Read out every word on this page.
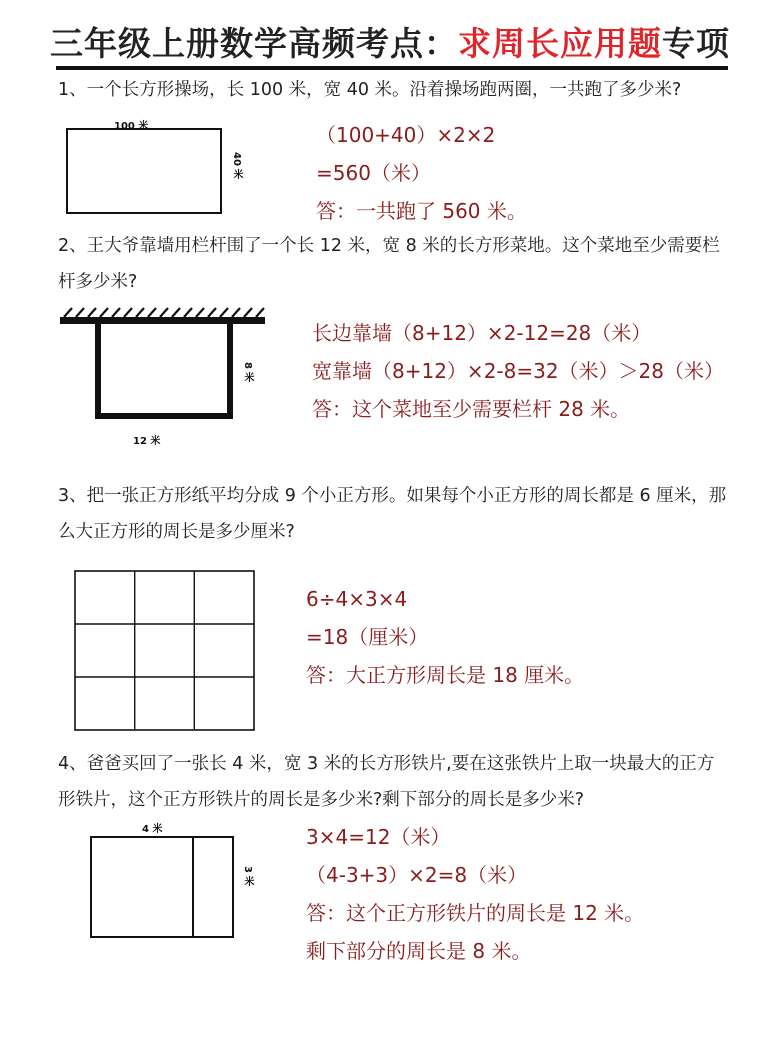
三年级上册数学高频考点：求周长应用题专项
1、一个长方形操场，长 100 米，宽 40 米。沿着操场跑两圈，一共跑了多少米?
100 米
40 米
（100+40）×2×2
=560（米）
答：一共跑了 560 米。
2、王大爷靠墙用栏杆围了一个长 12 米，宽 8 米的长方形菜地。这个菜地至少需要栏杆多少米?
8 米
12 米
长边靠墙（8+12）×2-12=28（米）
宽靠墙（8+12）×2-8=32（米）＞28（米）
答：这个菜地至少需要栏杆 28 米。
3、把一张正方形纸平均分成 9 个小正方形。如果每个小正方形的周长都是 6 厘米，那么大正方形的周长是多少厘米?
6÷4×3×4
=18（厘米）
答：大正方形周长是 18 厘米。
4、爸爸买回了一张长 4 米，宽 3 米的长方形铁片,要在这张铁片上取一块最大的正方形铁片，这个正方形铁片的周长是多少米?剩下部分的周长是多少米?
4 米
3 米
3×4=12（米）
（4-3+3）×2=8（米）
答：这个正方形铁片的周长是 12 米。
剩下部分的周长是 8 米。
